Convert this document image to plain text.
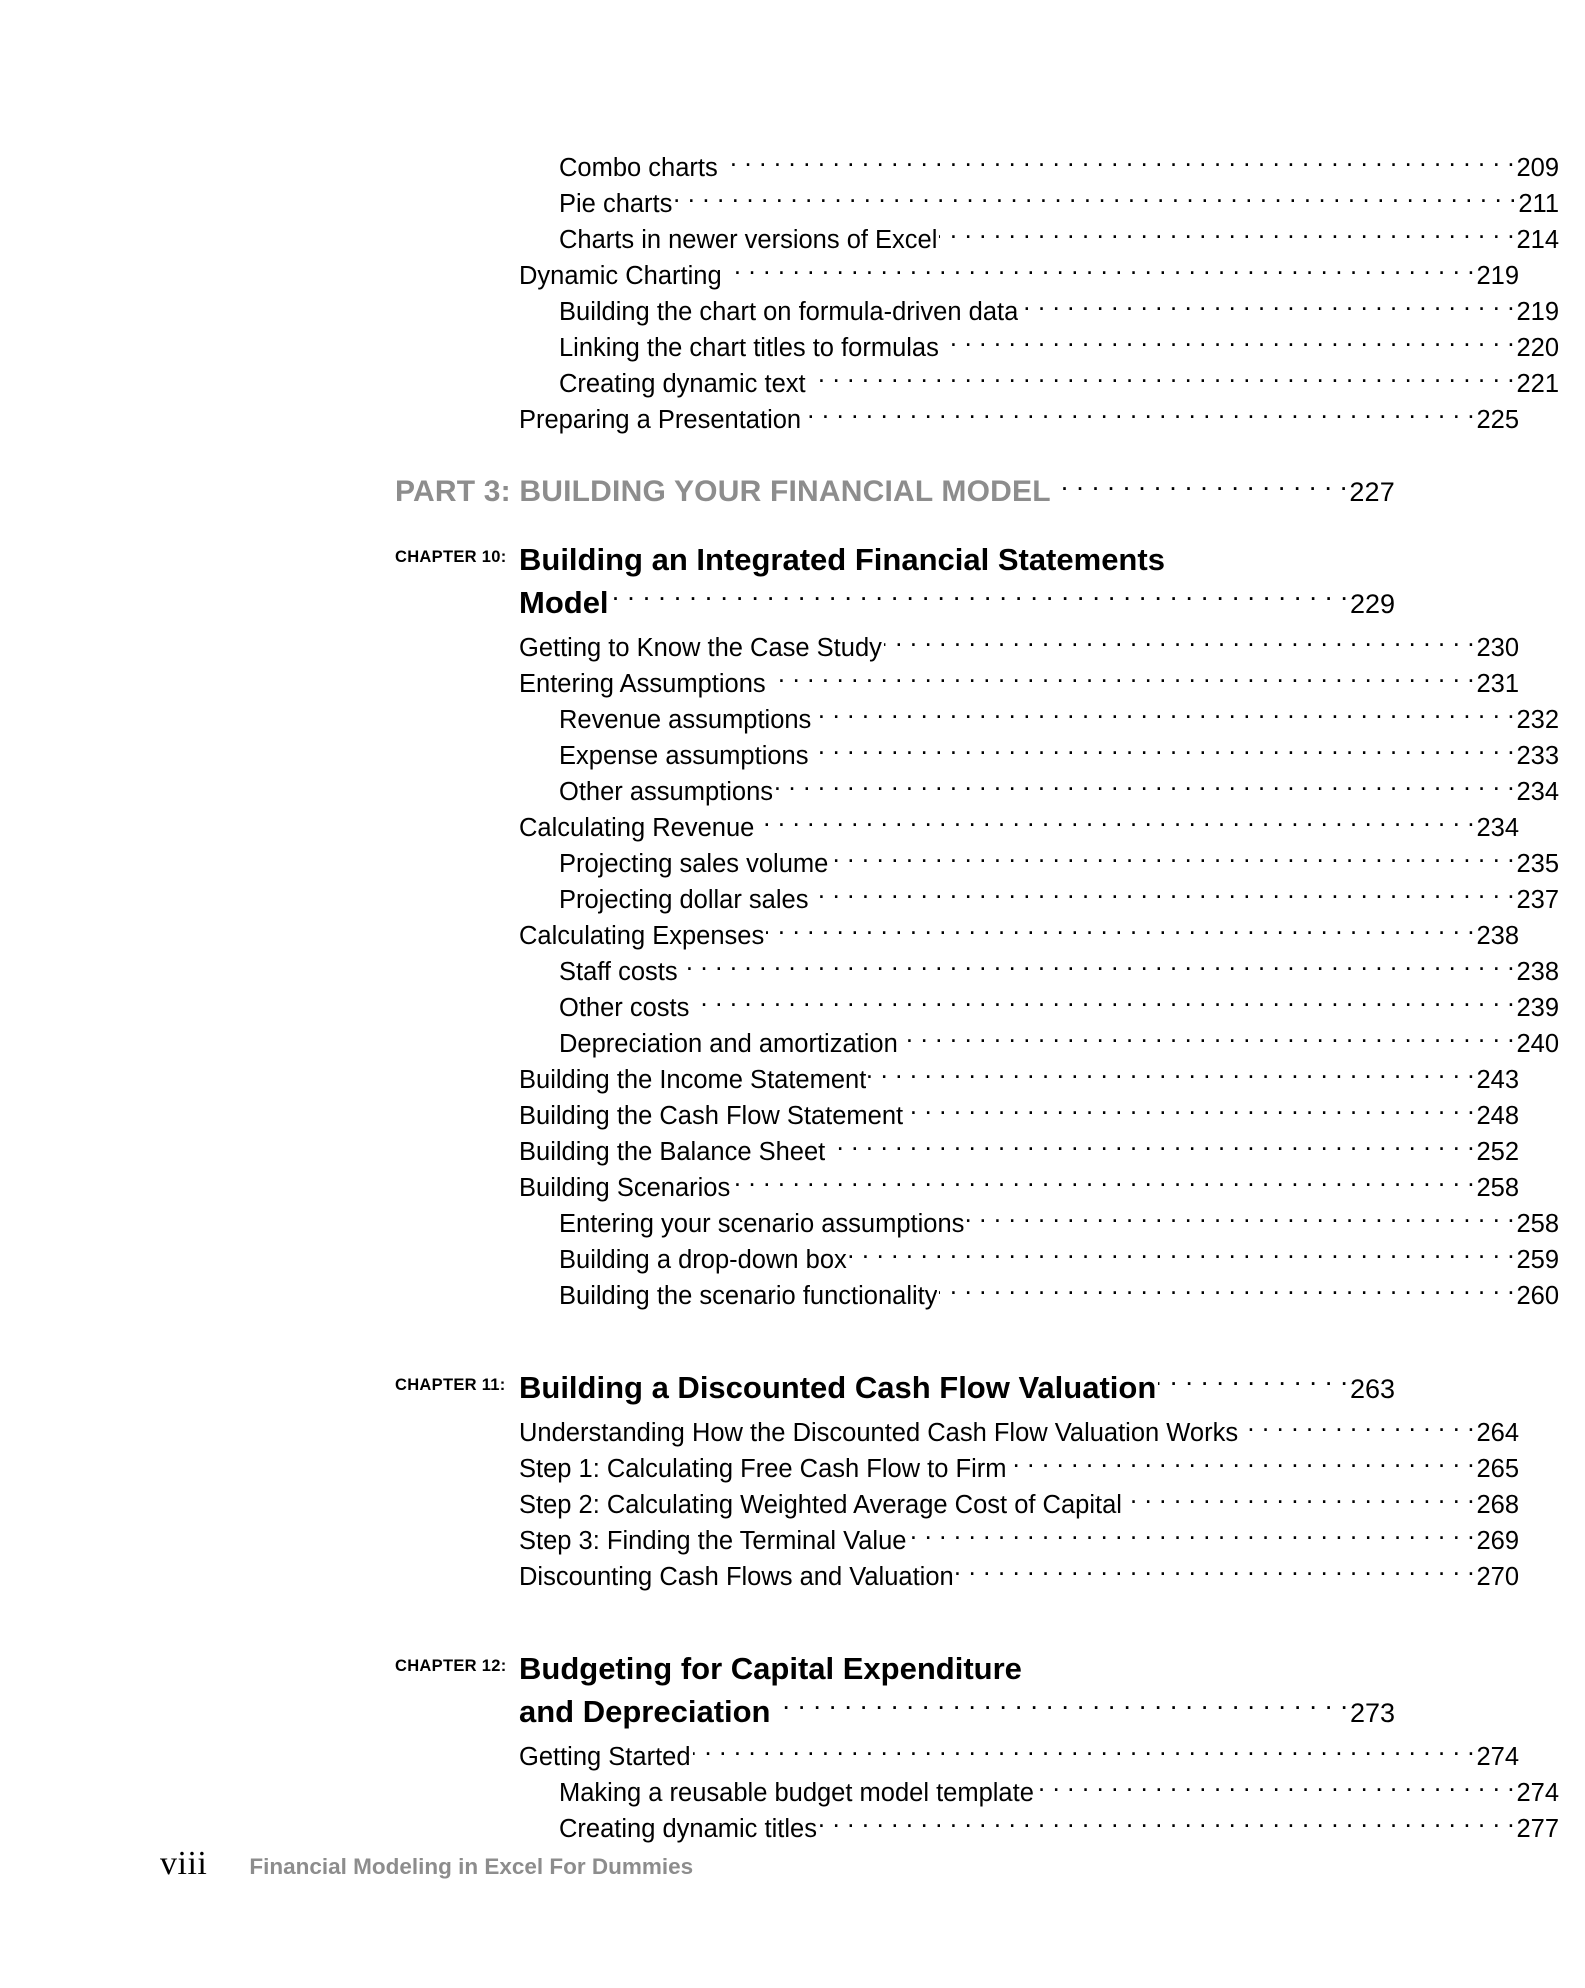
Combo charts . . .	209
Pie charts . . .	211
Charts in newer versions of Excel . . .	214
Dynamic Charting . . .	219
Building the chart on formula-driven data . . .	219
Linking the chart titles to formulas . . .	220
Creating dynamic text . . .	221
Preparing a Presentation . . .	225
PART 3: BUILDING YOUR FINANCIAL MODEL . . .	227
CHAPTER 10: Building an Integrated Financial Statements
Model . . .	229
Getting to Know the Case Study . . .	230
Entering Assumptions . . .	231
Revenue assumptions . . .	232
Expense assumptions . . .	233
Other assumptions . . .	234
Calculating Revenue . . .	234
Projecting sales volume . . .	235
Projecting dollar sales . . .	237
Calculating Expenses . . .	238
Staff costs . . .	238
Other costs . . .	239
Depreciation and amortization . . .	240
Building the Income Statement . . .	243
Building the Cash Flow Statement . . .	248
Building the Balance Sheet . . .	252
Building Scenarios . . .	258
Entering your scenario assumptions . . .	258
Building a drop-down box . . .	259
Building the scenario functionality . . .	260
CHAPTER 11: Building a Discounted Cash Flow Valuation . . .	263
Understanding How the Discounted Cash Flow Valuation Works . . .	264
Step 1: Calculating Free Cash Flow to Firm . . .	265
Step 2: Calculating Weighted Average Cost of Capital . . .	268
Step 3: Finding the Terminal Value . . .	269
Discounting Cash Flows and Valuation . . .	270
CHAPTER 12: Budgeting for Capital Expenditure
and Depreciation . . .	273
Getting Started . . .	274
Making a reusable budget model template . . .	274
Creating dynamic titles . . .	277
viii Financial Modeling in Excel For Dummies
